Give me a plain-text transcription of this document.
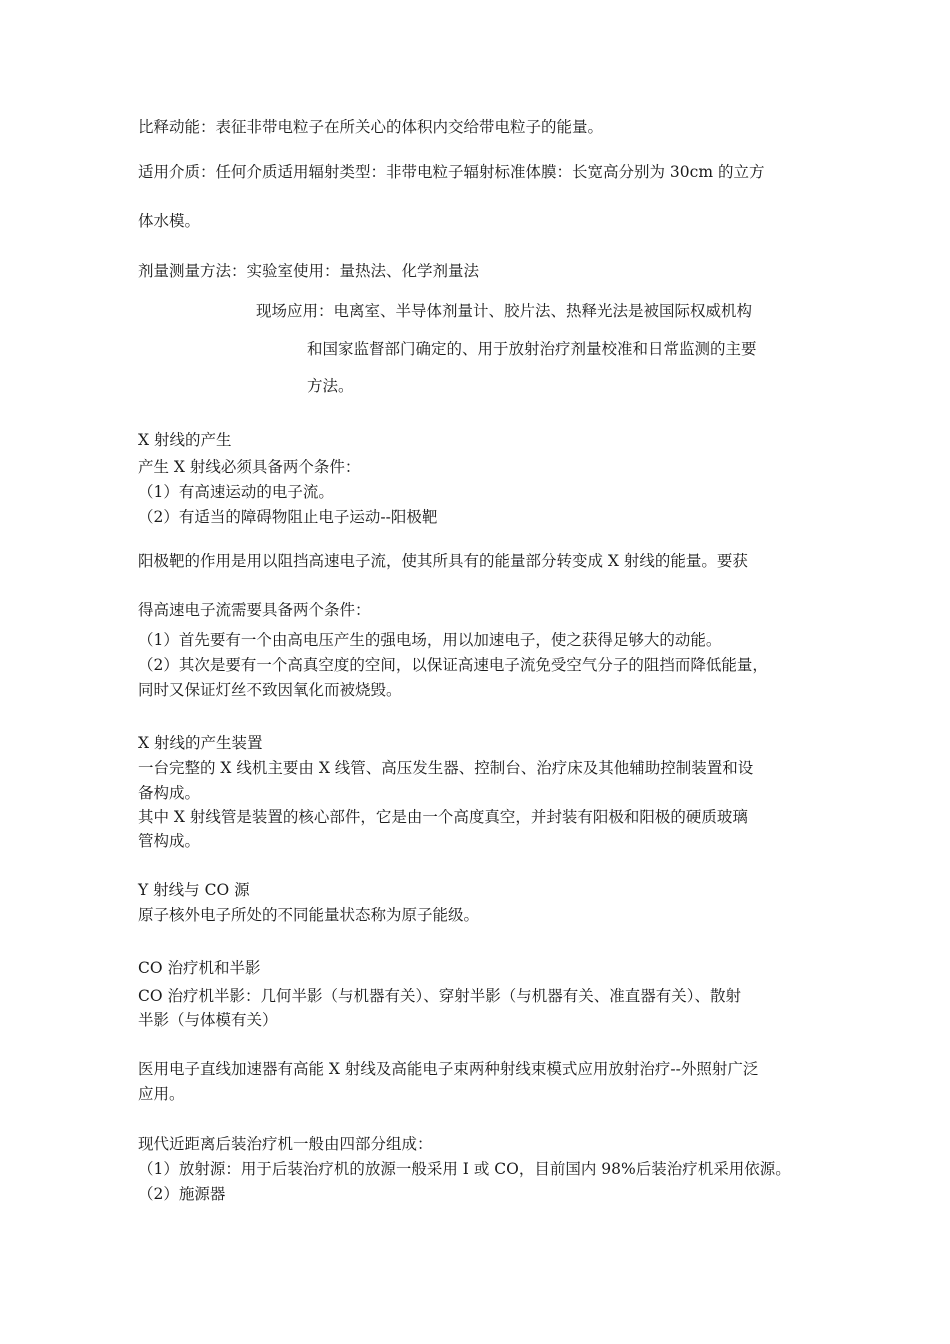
比释动能：表征非带电粒子在所关心的体积内交给带电粒子的能量。
适用介质：任何介质适用辐射类型：非带电粒子辐射标准体膜：长宽高分别为 30cm 的立方
体水模。
剂量测量方法：实验室使用：量热法、化学剂量法
现场应用：电离室、半导体剂量计、胶片法、热释光法是被国际权威机构
和国家监督部门确定的、用于放射治疗剂量校准和日常监测的主要
方法。
X 射线的产生
产生 X 射线必须具备两个条件：
（1）有高速运动的电子流。
（2）有适当的障碍物阻止电子运动--阳极靶
阳极靶的作用是用以阻挡高速电子流，使其所具有的能量部分转变成 X 射线的能量。要获
得高速电子流需要具备两个条件：
（1）首先要有一个由高电压产生的强电场，用以加速电子，使之获得足够大的动能。
（2）其次是要有一个高真空度的空间，以保证高速电子流免受空气分子的阻挡而降低能量，
同时又保证灯丝不致因氧化而被烧毁。
X 射线的产生装置
一台完整的 X 线机主要由 X 线管、高压发生器、控制台、治疗床及其他辅助控制装置和设
备构成。
其中 X 射线管是装置的核心部件，它是由一个高度真空，并封装有阳极和阳极的硬质玻璃
管构成。
Y 射线与 CO 源
原子核外电子所处的不同能量状态称为原子能级。
CO 治疗机和半影
CO 治疗机半影：几何半影（与机器有关）、穿射半影（与机器有关、准直器有关）、散射
半影（与体模有关）
医用电子直线加速器有高能 X 射线及高能电子束两种射线束模式应用放射治疗--外照射广泛
应用。
现代近距离后装治疗机一般由四部分组成：
（1）放射源：用于后装治疗机的放源一般采用 I 或 CO，目前国内 98%后装治疗机采用依源。
（2）施源器
